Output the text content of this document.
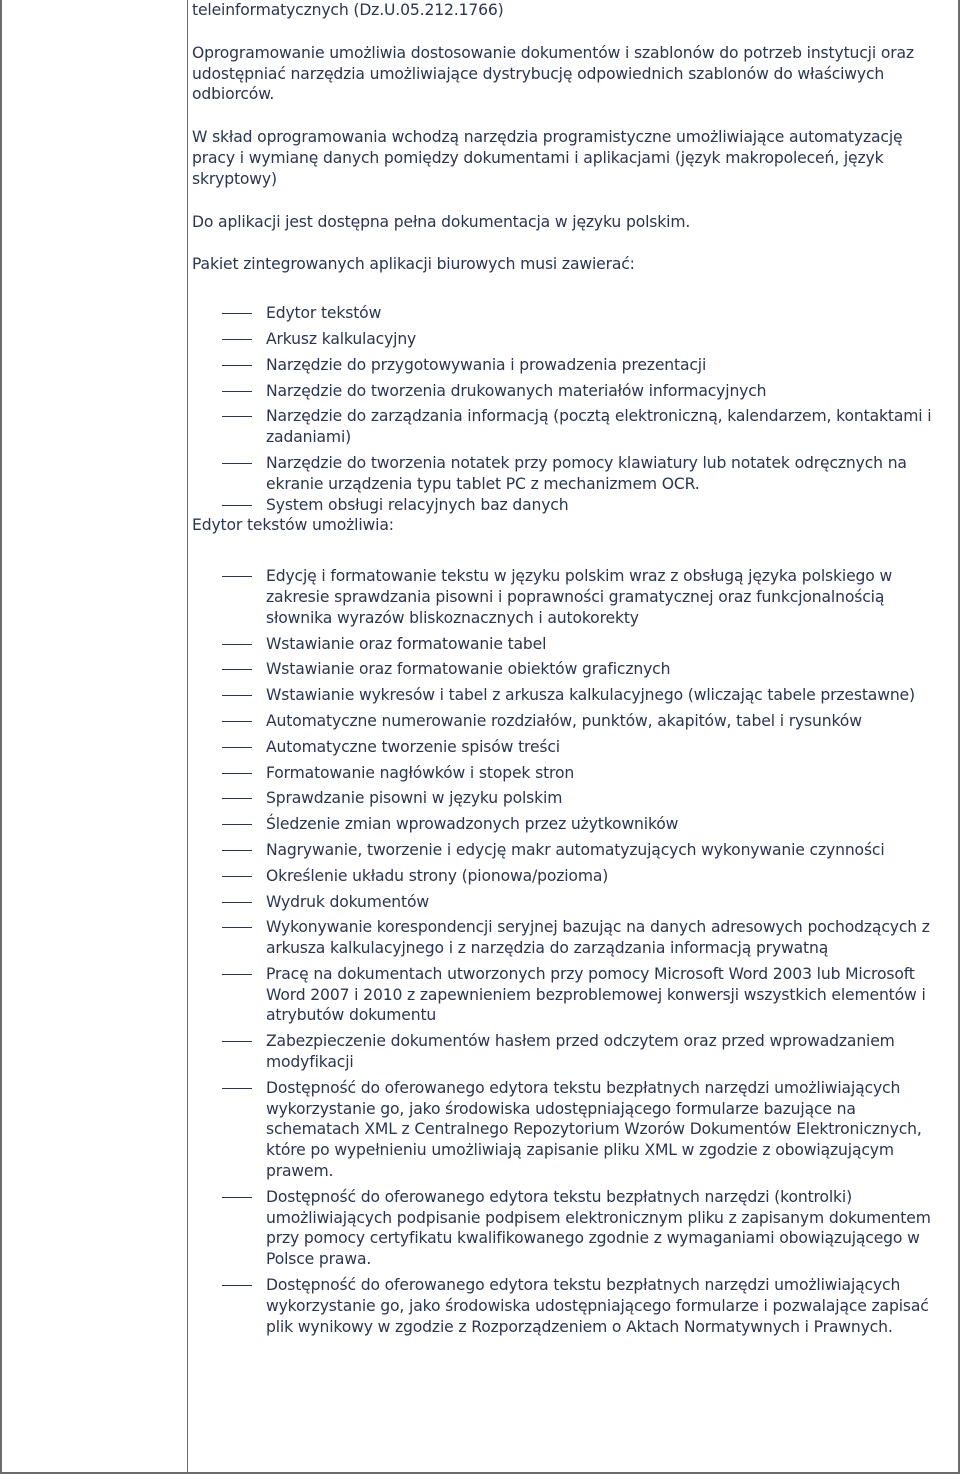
teleinformatycznych (Dz.U.05.212.1766)

Oprogramowanie umożliwia dostosowanie dokumentów i szablonów do potrzeb instytucji oraz udostępniać narzędzia umożliwiające dystrybucję odpowiednich szablonów do właściwych odbiorców.

W skład oprogramowania wchodzą narzędzia programistyczne umożliwiające automatyzację pracy i wymianę danych pomiędzy dokumentami i aplikacjami (język makropoleceń, język skryptowy)

Do aplikacji jest dostępna pełna dokumentacja w języku polskim.

Pakiet zintegrowanych aplikacji biurowych musi zawierać:

Edytor tekstów
Arkusz kalkulacyjny
Narzędzie do przygotowywania i prowadzenia prezentacji
Narzędzie do tworzenia drukowanych materiałów informacyjnych
Narzędzie do zarządzania informacją (pocztą elektroniczną, kalendarzem, kontaktami i zadaniami)
Narzędzie do tworzenia notatek przy pomocy klawiatury lub notatek odręcznych na ekranie urządzenia typu tablet PC z mechanizmem OCR.
System obsługi relacyjnych baz danych

Edytor tekstów umożliwia:

Edycję i formatowanie tekstu w języku polskim wraz z obsługą języka polskiego w zakresie sprawdzania pisowni i poprawności gramatycznej oraz funkcjonalnością słownika wyrazów bliskoznacznych i autokorekty
Wstawianie oraz formatowanie tabel
Wstawianie oraz formatowanie obiektów graficznych
Wstawianie wykresów i tabel z arkusza kalkulacyjnego (wliczając tabele przestawne)
Automatyczne numerowanie rozdziałów, punktów, akapitów, tabel i rysunków
Automatyczne tworzenie spisów treści
Formatowanie nagłówków i stopek stron
Sprawdzanie pisowni w języku polskim
Śledzenie zmian wprowadzonych przez użytkowników
Nagrywanie, tworzenie i edycję makr automatyzujących wykonywanie czynności
Określenie układu strony (pionowa/pozioma)
Wydruk dokumentów
Wykonywanie korespondencji seryjnej bazując na danych adresowych pochodzących z arkusza kalkulacyjnego i z narzędzia do zarządzania informacją prywatną
Pracę na dokumentach utworzonych przy pomocy Microsoft Word 2003 lub Microsoft Word 2007 i 2010 z zapewnieniem bezproblemowej konwersji wszystkich elementów i atrybutów dokumentu
Zabezpieczenie dokumentów hasłem przed odczytem oraz przed wprowadzaniem modyfikacji
Dostępność do oferowanego edytora tekstu bezpłatnych narzędzi umożliwiających wykorzystanie go, jako środowiska udostępniającego formularze bazujące na schematach XML z Centralnego Repozytorium Wzorów Dokumentów Elektronicznych, które po wypełnieniu umożliwiają zapisanie pliku XML w zgodzie z obowiązującym prawem.
Dostępność do oferowanego edytora tekstu bezpłatnych narzędzi (kontrolki) umożliwiających podpisanie podpisem elektronicznym pliku z zapisanym dokumentem przy pomocy certyfikatu kwalifikowanego zgodnie z wymaganiami obowiązującego w Polsce prawa.
Dostępność do oferowanego edytora tekstu bezpłatnych narzędzi umożliwiających wykorzystanie go, jako środowiska udostępniającego formularze i pozwalające zapisać plik wynikowy w zgodzie z Rozporządzeniem o Aktach Normatywnych i Prawnych.
